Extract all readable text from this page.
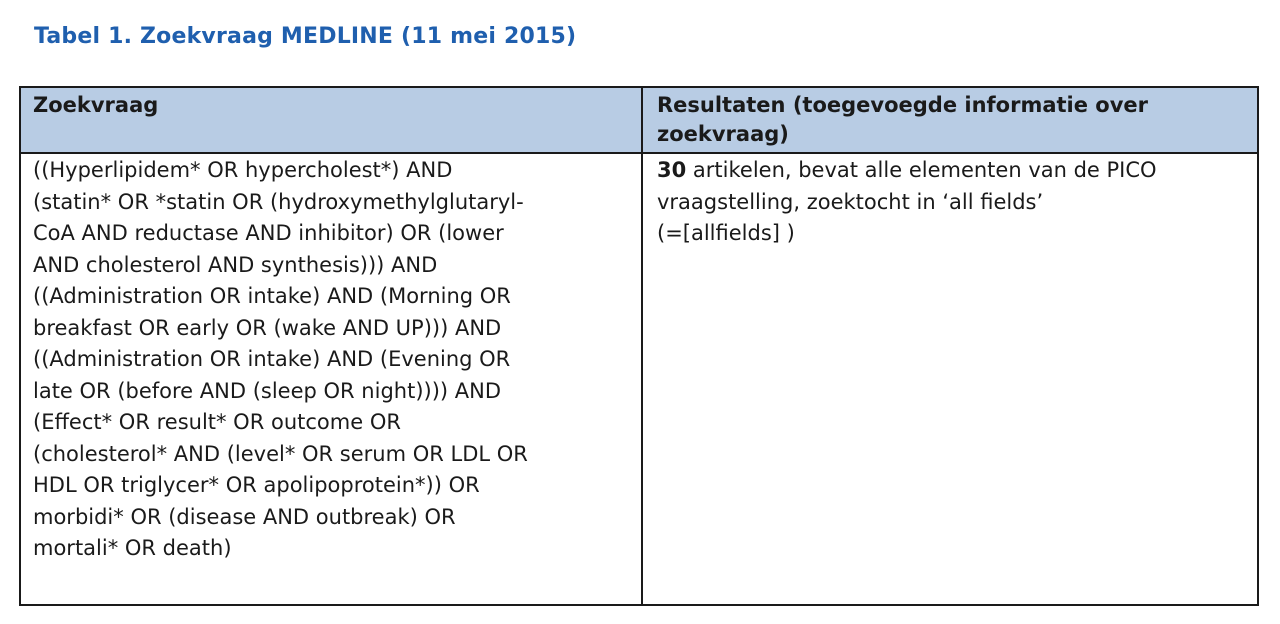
Tabel 1. Zoekvraag MEDLINE (11 mei 2015)
Zoekvraag	Resultaten (toegevoegde informatie over
zoekvraag)
((Hyperlipidem* OR hypercholest*) AND
(statin* OR *statin OR (hydroxymethylglutaryl-
CoA AND reductase AND inhibitor) OR (lower
AND cholesterol AND synthesis))) AND
((Administration OR intake) AND (Morning OR
breakfast OR early OR (wake AND UP))) AND
((Administration OR intake) AND (Evening OR
late OR (before AND (sleep OR night)))) AND
(Effect* OR result* OR outcome OR
(cholesterol* AND (level* OR serum OR LDL OR
HDL OR triglycer* OR apolipoprotein*)) OR
morbidi* OR (disease AND outbreak) OR
mortali* OR death)
30 artikelen, bevat alle elementen van de PICO
vraagstelling, zoektocht in ‘all fields’
(=[allfields] )
